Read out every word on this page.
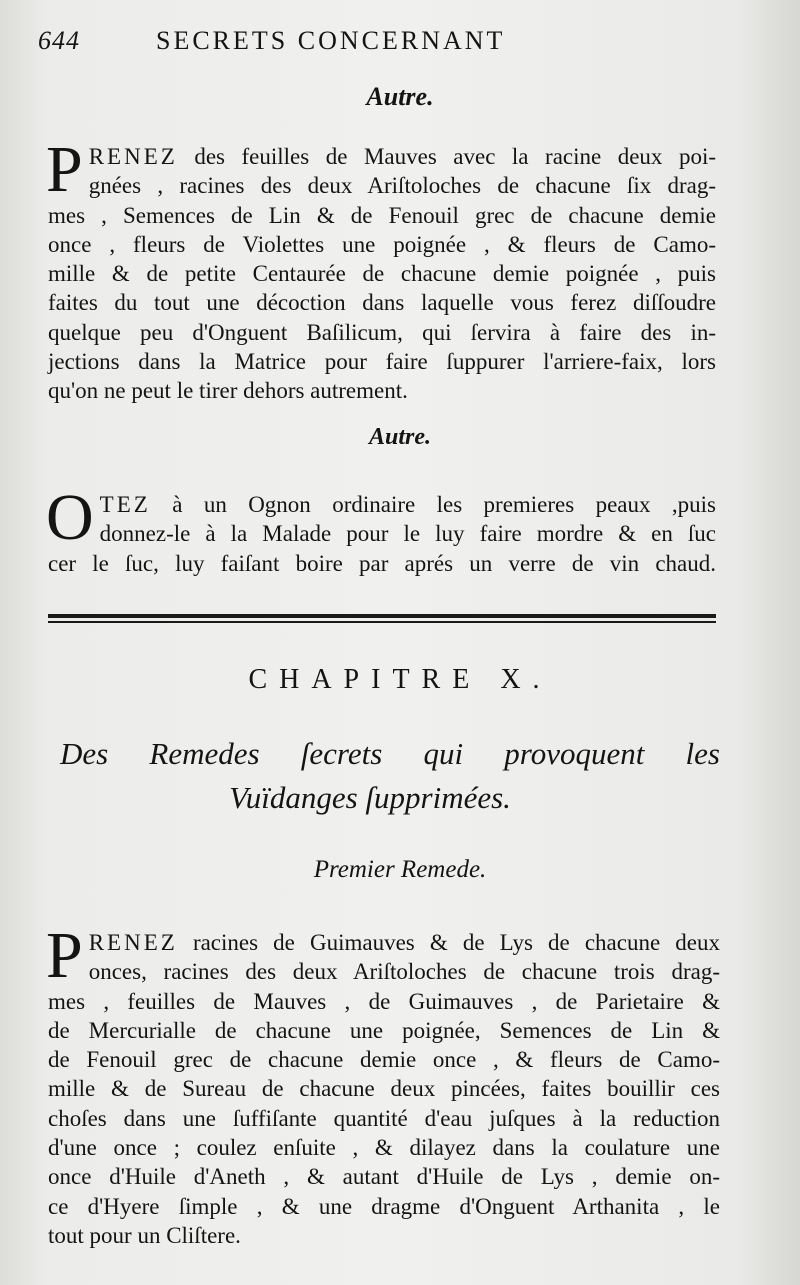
644	SECRETS CONCERNANT
Autre.
P RENEZ des feuilles de Mauves avec la racine deux poi-
gnées , racines des deux Ariſtoloches de chacune ſix drag-
mes , Semences de Lin & de Fenouil grec de chacune demie
once , fleurs de Violettes une poignée , & fleurs de Camo-
mille & de petite Centaurée de chacune demie poignée , puis
faites du tout une décoction dans laquelle vous ferez diſſoudre
quelque peu d'Onguent Baſilicum, qui ſervira à faire des in-
jections dans la Matrice pour faire ſuppurer l'arriere-faix, lors
qu'on ne peut le tirer dehors autrement.
Autre.
O TEZ à un Ognon ordinaire les premieres peaux ,puis
donnez-le à la Malade pour le luy faire mordre & en ſuc
cer le ſuc, luy faiſant boire par aprés un verre de vin chaud.
CHAPITRE X.
Des Remedes ſecrets qui provoquent les
Vuïdanges ſupprimées.
Premier Remede.
P RENEZ racines de Guimauves & de Lys de chacune deux
onces, racines des deux Ariſtoloches de chacune trois drag-
mes , feuilles de Mauves , de Guimauves , de Parietaire &
de Mercurialle de chacune une poignée, Semences de Lin &
de Fenouil grec de chacune demie once , & fleurs de Camo-
mille & de Sureau de chacune deux pincées, faites bouillir ces
choſes dans une ſuffiſante quantité d'eau juſques à la reduction
d'une once ; coulez enſuite , & dilayez dans la coulature une
once d'Huile d'Aneth , & autant d'Huile de Lys , demie on-
ce d'Hyere ſimple , & une dragme d'Onguent Arthanita , le
tout pour un Cliſtere.
